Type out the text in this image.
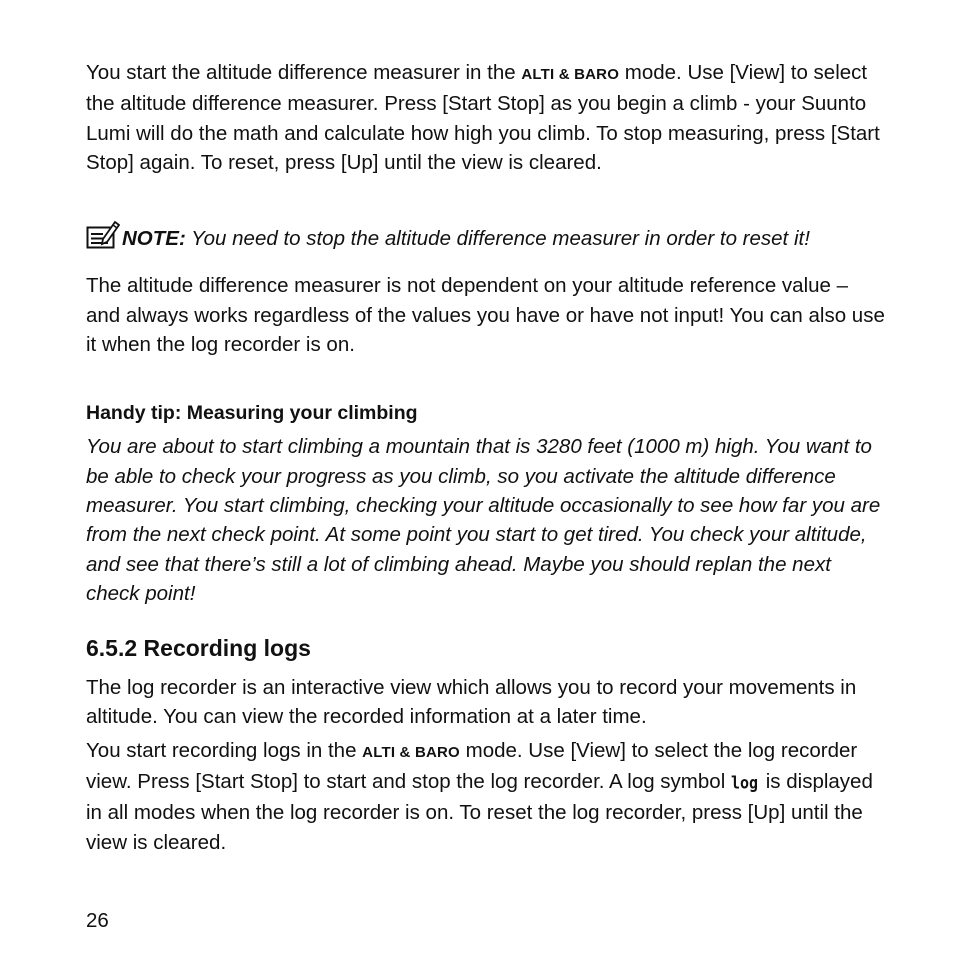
You start the altitude difference measurer in the ALTI & BARO mode. Use [View] to select the altitude difference measurer. Press [Start Stop] as you begin a climb - your Suunto Lumi will do the math and calculate how high you climb. To stop measuring, press [Start Stop] again. To reset, press [Up] until the view is cleared.

NOTE: You need to stop the altitude difference measurer in order to reset it!

The altitude difference measurer is not dependent on your altitude reference value – and always works regardless of the values you have or have not input! You can also use it when the log recorder is on.

Handy tip: Measuring your climbing

You are about to start climbing a mountain that is 3280 feet (1000 m) high. You want to be able to check your progress as you climb, so you activate the altitude difference measurer. You start climbing, checking your altitude occasionally to see how far you are from the next check point. At some point you start to get tired. You check your altitude, and see that there’s still a lot of climbing ahead. Maybe you should replan the next check point!

6.5.2 Recording logs

The log recorder is an interactive view which allows you to record your movements in altitude. You can view the recorded information at a later time.

You start recording logs in the ALTI & BARO mode. Use [View] to select the log recorder view. Press [Start Stop] to start and stop the log recorder. A log symbol log is displayed in all modes when the log recorder is on. To reset the log recorder, press [Up] until the view is cleared.

26
